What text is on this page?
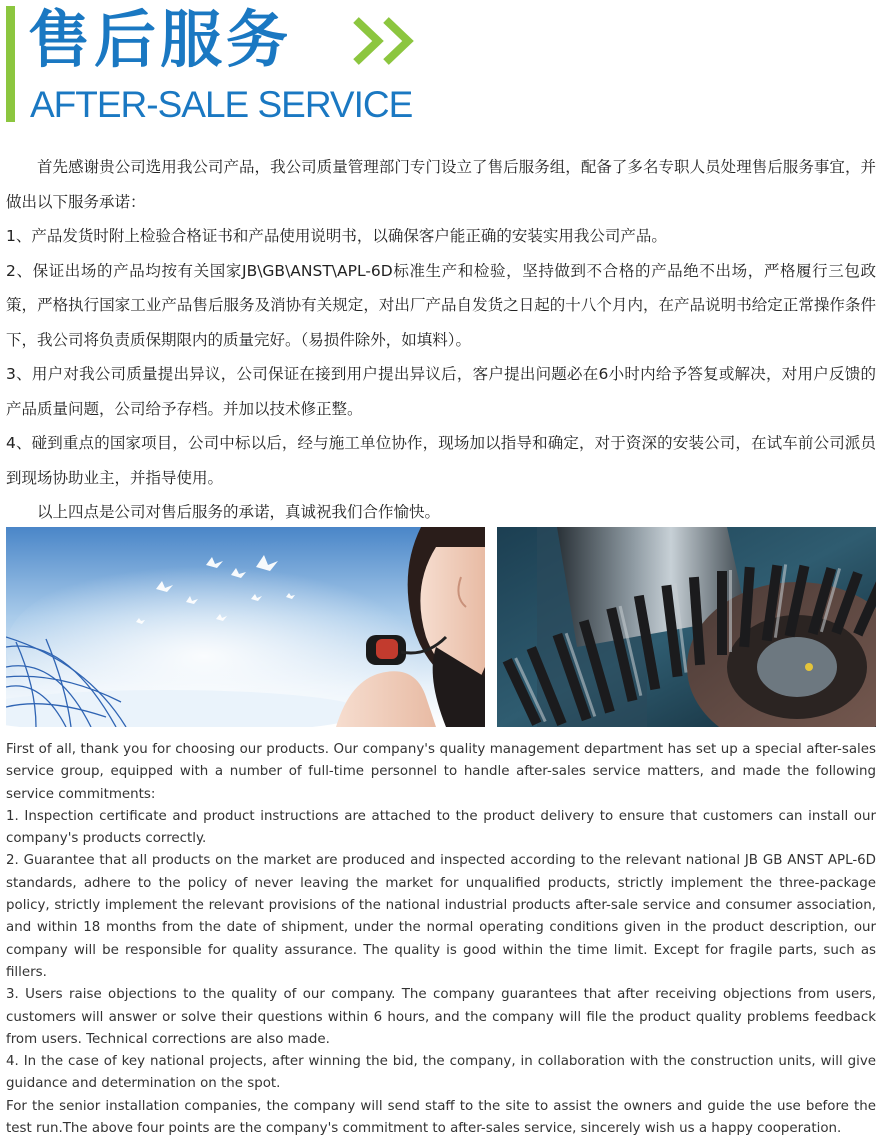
售后服务
AFTER-SALE SERVICE

首先感谢贵公司选用我公司产品，我公司质量管理部门专门设立了售后服务组，配备了多名专职人员处理售后服务事宜，并做出以下服务承诺：

1、产品发货时附上检验合格证书和产品使用说明书，以确保客户能正确的安装实用我公司产品。

2、保证出场的产品均按有关国家JB\GB\ANST\APL-6D标准生产和检验，坚持做到不合格的产品绝不出场，严格履行三包政策，严格执行国家工业产品售后服务及消协有关规定，对出厂产品自发货之日起的十八个月内，在产品说明书给定正常操作条件下，我公司将负责质保期限内的质量完好。（易损件除外，如填料）。

3、用户对我公司质量提出异议，公司保证在接到用户提出异议后，客户提出问题必在6小时内给予答复或解决，对用户反馈的产品质量问题，公司给予存档。并加以技术修正整。

4、碰到重点的国家项目，公司中标以后，经与施工单位协作，现场加以指导和确定，对于资深的安装公司，在试车前公司派员到现场协助业主，并指导使用。

以上四点是公司对售后服务的承诺，真诚祝我们合作愉快。

First of all, thank you for choosing our products. Our company's quality management department has set up a special after-sales service group, equipped with a number of full-time personnel to handle after-sales service matters, and made the following service commitments:

1. Inspection certificate and product instructions are attached to the product delivery to ensure that customers can install our company's products correctly.

2. Guarantee that all products on the market are produced and inspected according to the relevant national JB GB ANST APL-6D standards, adhere to the policy of never leaving the market for unqualified products, strictly implement the three-package policy, strictly implement the relevant provisions of the national industrial products after-sale service and consumer association, and within 18 months from the date of shipment, under the normal operating conditions given in the product description, our company will be responsible for quality assurance. The quality is good within the time limit. Except for fragile parts, such as fillers.

3. Users raise objections to the quality of our company. The company guarantees that after receiving objections from users, customers will answer or solve their questions within 6 hours, and the company will file the product quality problems feedback from users. Technical corrections are also made.

4. In the case of key national projects, after winning the bid, the company, in collaboration with the construction units, will give guidance and determination on the spot.

For the senior installation companies, the company will send staff to the site to assist the owners and guide the use before the test run.The above four points are the company's commitment to after-sales service, sincerely wish us a happy cooperation.
